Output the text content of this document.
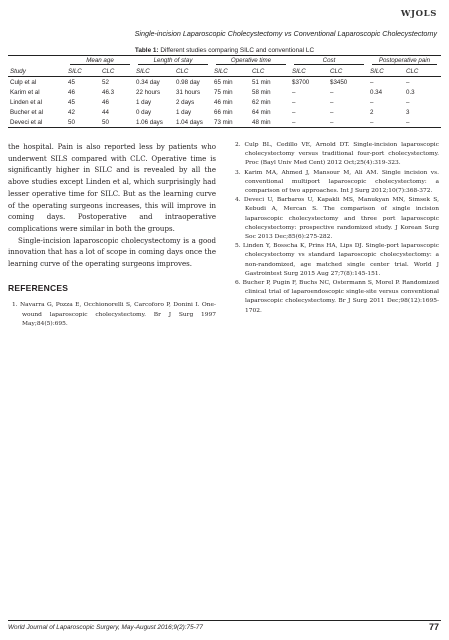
WJOLS
Single-incision Laparoscopic Cholecystectomy vs Conventional Laparoscopic Cholecystectomy
Table 1: Different studies comparing SILC and conventional LC

	Mean age		Length of stay		Operative time		Cost		Postoperative pain	

Study	SILC	CLC	SILC	CLC	SILC	CLC	SILC	CLC	SILC	CLC
Culp et al	45	52	0.34 day	0.98 day	65 min	51 min	$3700	$3450	–	–
Karim et al	46	46.3	22 hours	31 hours	75 min	58 min	–	–	0.34	0.3
Linden et al	45	46	1 day	2 days	46 min	62 min	–	–	–	–
Bucher et al	42	44	0 day	1 day	66 min	64 min	–	–	2	3
Deveci et al	50	50	1.06 days	1.04 days	73 min	48 min	–	–	–	–

the hospital. Pain is also reported less by patients who underwent SILS compared with CLC. Operative time is significantly higher in SILC and is revealed by all the above studies except Linden et al, which surprisingly had lesser operative time for SILC. But as the learning curve of the operating surgeons increases, this will improve in coming days. Postoperative and intraoperative complications were similar in both the groups.

Single-incision laparoscopic cholecystectomy is a good innovation that has a lot of scope in coming days once the learning curve of the operating surgeons improves.

REFERENCES
1. Navarra G, Pozza E, Occhionorelli S, Carcoforo P, Donini I. One-wound laparoscopic cholecystectomy. Br J Surg 1997 May;84(5):695.
2. Culp BL, Cedillo VE, Arnold DT. Single-incision laparoscopic cholecystectomy versus traditional four-port cholecystectomy. Proc (Bayl Univ Med Cent) 2012 Oct;25(4):319-323.
3. Karim MA, Ahmed J, Mansour M, Ali AM. Single incision vs. conventional multiport laparoscopic cholecystectomy: a comparison of two approaches. Int J Surg 2012;10(7):368-372.
4. Deveci U, Barbaros U, Kapakli MS, Manukyan MN, Simsek S, Kebudi A, Mercan S. The comparison of single incision laparoscopic cholecystectomy and three port laparoscopic cholecystectomy: prospective randomized study. J Korean Surg Soc 2013 Dec;85(6):275-282.
5. Linden Y, Bosscha K, Prins HA, Lips DJ. Single-port laparoscopic cholecystectomy vs standard laparoscopic cholecystectomy: a non-randomized, age matched single center trial. World J Gastrointest Surg 2015 Aug 27;7(8):145-151.
6. Bucher P, Pugin F, Buchs NC, Ostermann S, Morel P. Randomized clinical trial of laparoendoscopic single-site versus conventional laparoscopic cholecystectomy. Br J Surg 2011 Dec;98(12):1695-1702.
World Journal of Laparoscopic Surgery, May-August 2016;9(2):75-77	77
